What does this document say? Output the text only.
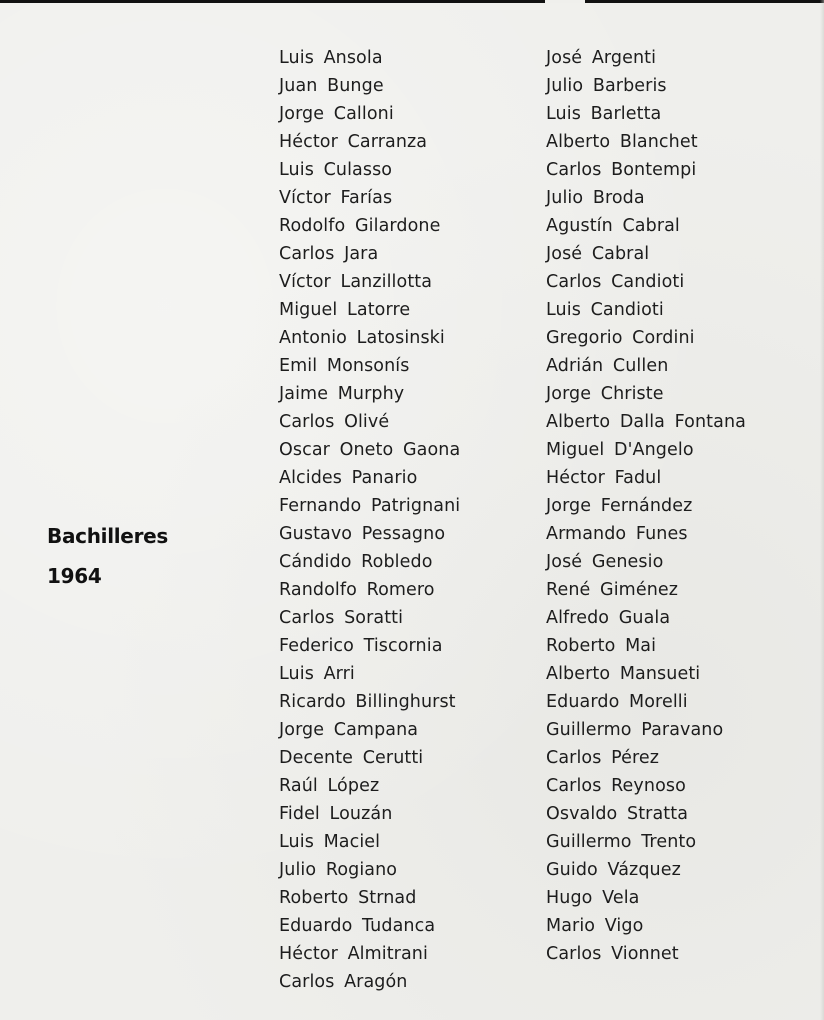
Bachilleres
1964
Luis Ansola
Juan Bunge
Jorge Calloni
Héctor Carranza
Luis Culasso
Víctor Farías
Rodolfo Gilardone
Carlos Jara
Víctor Lanzillotta
Miguel Latorre
Antonio Latosinski
Emil Monsonís
Jaime Murphy
Carlos Olivé
Oscar Oneto Gaona
Alcides Panario
Fernando Patrignani
Gustavo Pessagno
Cándido Robledo
Randolfo Romero
Carlos Soratti
Federico Tiscornia
Luis Arri
Ricardo Billinghurst
Jorge Campana
Decente Cerutti
Raúl López
Fidel Louzán
Luis Maciel
Julio Rogiano
Roberto Strnad
Eduardo Tudanca
Héctor Almitrani
Carlos Aragón
José Argenti
Julio Barberis
Luis Barletta
Alberto Blanchet
Carlos Bontempi
Julio Broda
Agustín Cabral
José Cabral
Carlos Candioti
Luis Candioti
Gregorio Cordini
Adrián Cullen
Jorge Christe
Alberto Dalla Fontana
Miguel D'Angelo
Héctor Fadul
Jorge Fernández
Armando Funes
José Genesio
René Giménez
Alfredo Guala
Roberto Mai
Alberto Mansueti
Eduardo Morelli
Guillermo Paravano
Carlos Pérez
Carlos Reynoso
Osvaldo Stratta
Guillermo Trento
Guido Vázquez
Hugo Vela
Mario Vigo
Carlos Vionnet
